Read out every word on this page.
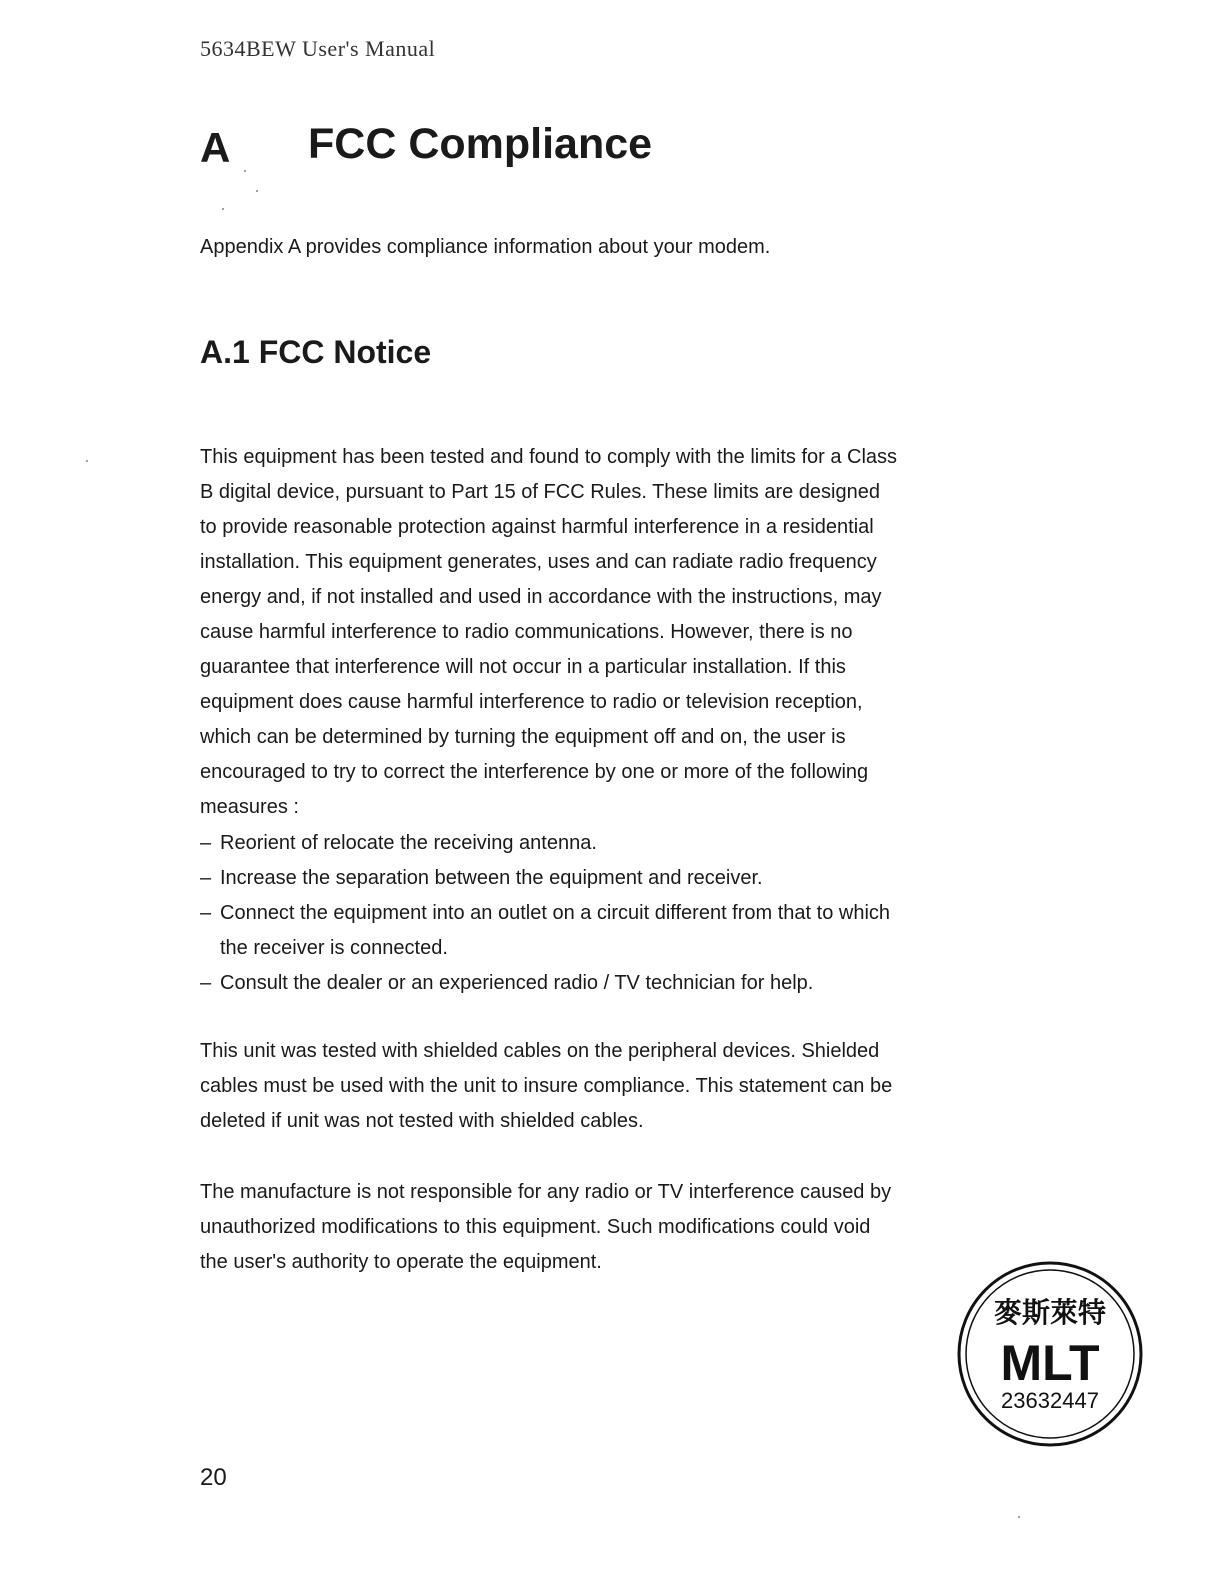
5634BEW User's Manual
A FCC Compliance
Appendix A provides compliance information about your modem.
A.1 FCC Notice
This equipment has been tested and found to comply with the limits for a Class
B digital device, pursuant to Part 15 of FCC Rules. These limits are designed
to provide reasonable protection against harmful interference in a residential
installation. This equipment generates, uses and can radiate radio frequency
energy and, if not installed and used in accordance with the instructions, may
cause harmful interference to radio communications. However, there is no
guarantee that interference will not occur in a particular installation. If this
equipment does cause harmful interference to radio or television reception,
which can be determined by turning the equipment off and on, the user is
encouraged to try to correct the interference by one or more of the following
measures :
– Reorient of relocate the receiving antenna.
– Increase the separation between the equipment and receiver.
– Connect the equipment into an outlet on a circuit different from that to which
the receiver is connected.
– Consult the dealer or an experienced radio / TV technician for help.
This unit was tested with shielded cables on the peripheral devices. Shielded
cables must be used with the unit to insure compliance. This statement can be
deleted if unit was not tested with shielded cables.
The manufacture is not responsible for any radio or TV interference caused by
unauthorized modifications to this equipment. Such modifications could void
the user's authority to operate the equipment.
麥斯萊特
MLT
23632447
20
